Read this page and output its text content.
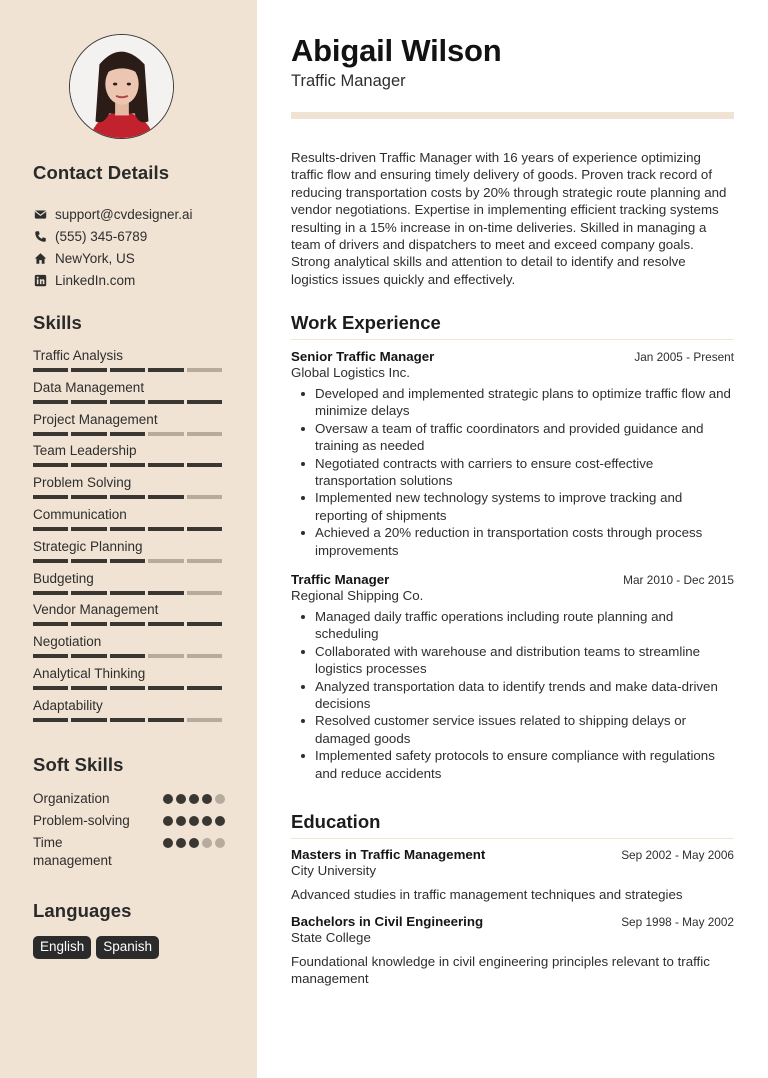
Contact Details
support@cvdesigner.ai
(555) 345-6789
NewYork, US
LinkedIn.com
Skills
Traffic Analysis
Data Management
Project Management
Team Leadership
Problem Solving
Communication
Strategic Planning
Budgeting
Vendor Management
Negotiation
Analytical Thinking
Adaptability
Soft Skills
Organization
Problem-solving
Time management
Languages
English	Spanish
Abigail Wilson
Traffic Manager
Results-driven Traffic Manager with 16 years of experience optimizing traffic flow and ensuring timely delivery of goods. Proven track record of reducing transportation costs by 20% through strategic route planning and vendor negotiations. Expertise in implementing efficient tracking systems resulting in a 15% increase in on-time deliveries. Skilled in managing a team of drivers and dispatchers to meet and exceed company goals. Strong analytical skills and attention to detail to identify and resolve logistics issues quickly and effectively.
Work Experience
Senior Traffic Manager	Jan 2005 - Present
Global Logistics Inc.
Developed and implemented strategic plans to optimize traffic flow and minimize delays
Oversaw a team of traffic coordinators and provided guidance and training as needed
Negotiated contracts with carriers to ensure cost-effective transportation solutions
Implemented new technology systems to improve tracking and reporting of shipments
Achieved a 20% reduction in transportation costs through process improvements
Traffic Manager	Mar 2010 - Dec 2015
Regional Shipping Co.
Managed daily traffic operations including route planning and scheduling
Collaborated with warehouse and distribution teams to streamline logistics processes
Analyzed transportation data to identify trends and make data-driven decisions
Resolved customer service issues related to shipping delays or damaged goods
Implemented safety protocols to ensure compliance with regulations and reduce accidents
Education
Masters in Traffic Management	Sep 2002 - May 2006
City University
Advanced studies in traffic management techniques and strategies
Bachelors in Civil Engineering	Sep 1998 - May 2002
State College
Foundational knowledge in civil engineering principles relevant to traffic management
